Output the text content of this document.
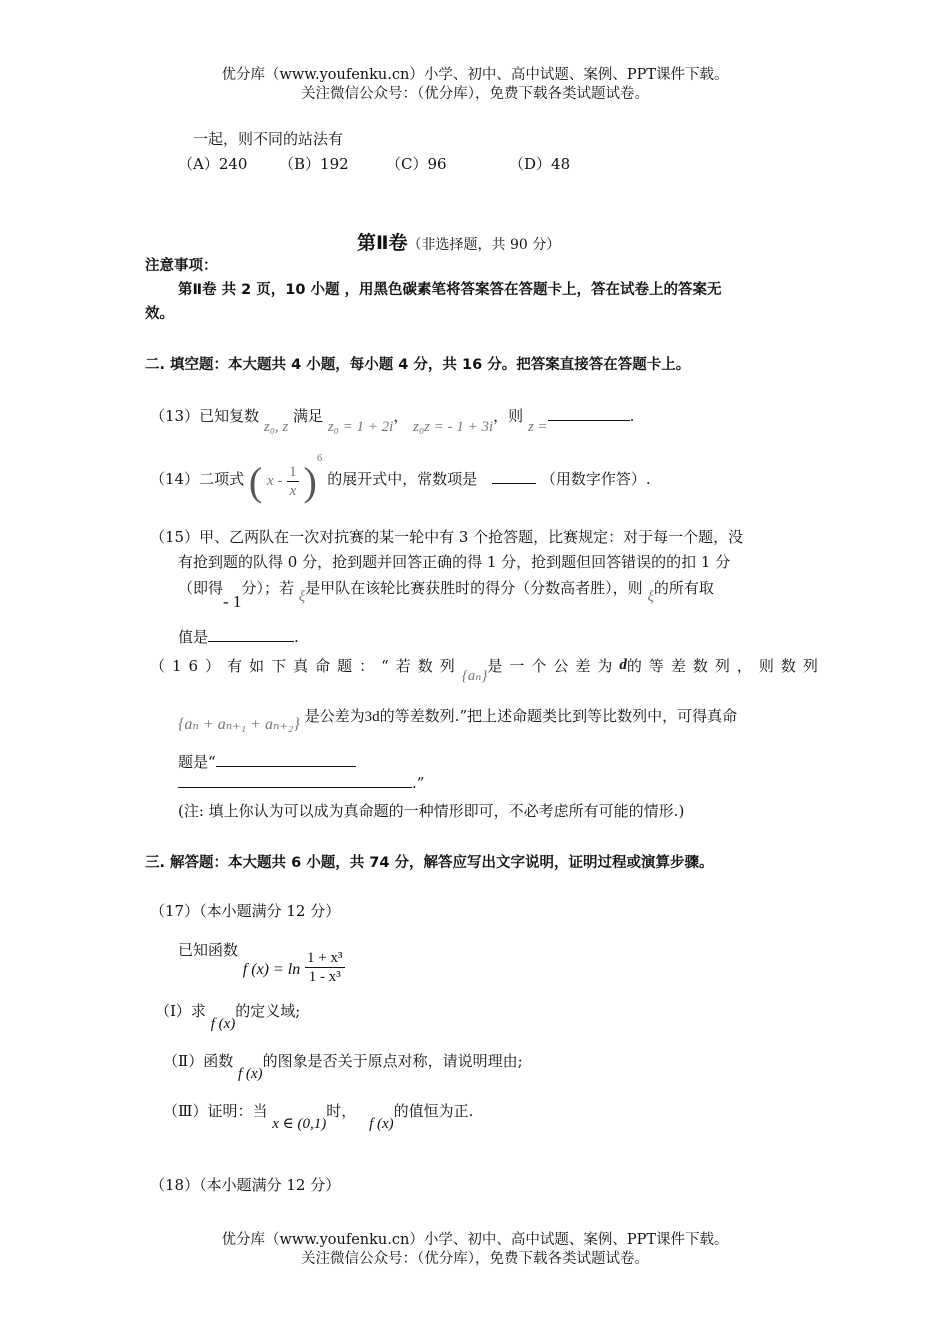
优分库（www.youfenku.cn）小学、初中、高中试题、案例、PPT课件下载。
关注微信公众号：（优分库），免费下载各类试题试卷。
一起，则不同的站法有
（A）240 （B）192 （C）96	（D）48
第Ⅱ卷（非选择题，共 90 分）
注意事项：
第Ⅱ卷 共 2 页，10 小题 ，用黑色碳素笔将答案答在答题卡上，答在试卷上的答案无
效。
二. 填空题：本大题共 4 小题，每小题 4 分，共 16 分。把答案直接答在答题卡上。
（13）已知复数 z₀, z 满足 z₀ = 1 + 2i， z₀z = - 1 + 3i，则 z =.
（14）二项式 ( x - $\frac{1}{x} )^6$ 的展开式中，常数项是	（用数字作答）.
（15）甲、乙两队在一次对抗赛的某一轮中有 3 个抢答题，比赛规定：对于每一个题，没
有抢到题的队得 0 分，抢到题并回答正确的得 1 分，抢到题但回答错误的的扣 1 分
（即得- 1分）；若 ξ是甲队在该轮比赛获胜时的得分（分数高者胜），则 ξ的所有取
值是	.
（16）有如下真命题：“若数列
{aₙ}
是一个公差为 d 的等差数列，则数列
{aₙ + aₙ₊₁ + aₙ₊₂} 是公差为3d的等差数列.”把上述命题类比到等比数列中，可得真命
题是“
.”
(注: 填上你认为可以成为真命题的一种情形即可，不必考虑所有可能的情形.)
三. 解答题：本大题共 6 小题，共 74 分，解答应写出文字说明，证明过程或演算步骤。
（17）（本小题满分 12 分）
已知函数 f $(x) = \ln \frac{\text{1 + x³}}{\text{1 - x³}}$
（Ⅰ）求 f (x)的定义域;
（Ⅱ）函数 f (x)的图象是否关于原点对称，请说明理由;
（Ⅲ）证明：当 x ∈ (0,1)时， f (x)的值恒为正.
（18）（本小题满分 12 分）
优分库（www.youfenku.cn）小学、初中、高中试题、案例、PPT课件下载。
关注微信公众号：（优分库），免费下载各类试题试卷。
